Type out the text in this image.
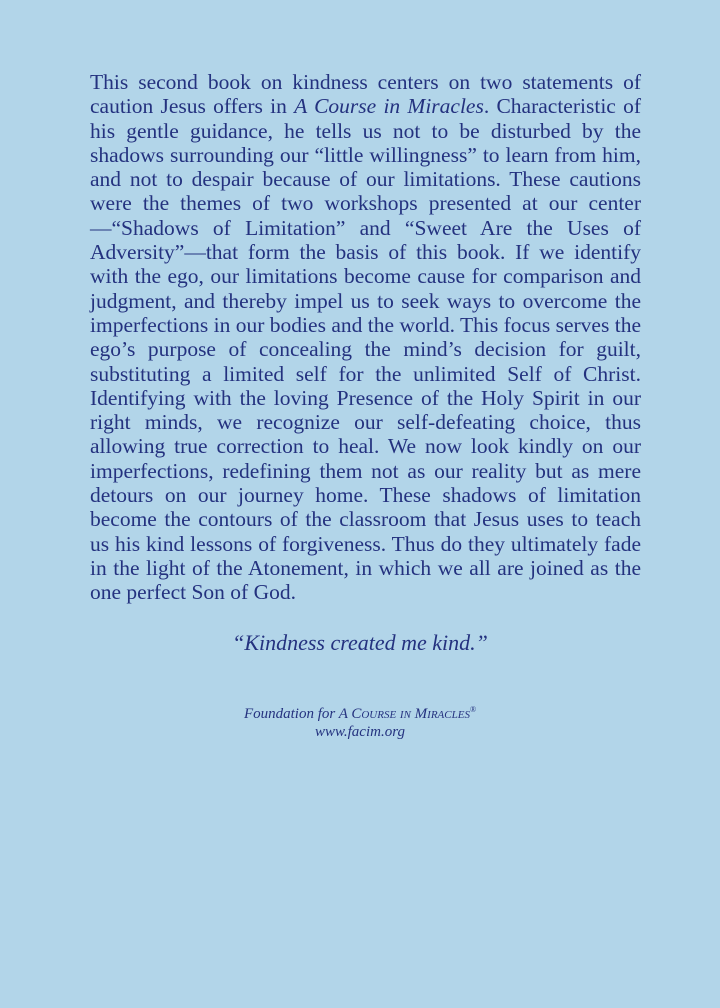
This second book on kindness centers on two statements of caution Jesus offers in A Course in Miracles. Characteristic of his gentle guidance, he tells us not to be disturbed by the shadows surrounding our “little willingness” to learn from him, and not to despair because of our limitations. These cautions were the themes of two workshops presented at our center—“Shadows of Limitation” and “Sweet Are the Uses of Adversity”—that form the basis of this book. If we identify with the ego, our limitations become cause for comparison and judgment, and thereby impel us to seek ways to overcome the imperfections in our bodies and the world. This focus serves the ego’s purpose of concealing the mind’s decision for guilt, substituting a limited self for the unlimited Self of Christ. Identifying with the loving Presence of the Holy Spirit in our right minds, we recognize our self-defeating choice, thus allowing true correction to heal. We now look kindly on our imperfections, redefining them not as our reality but as mere detours on our journey home. These shadows of limitation become the contours of the classroom that Jesus uses to teach us his kind lessons of forgiveness. Thus do they ultimately fade in the light of the Atonement, in which we all are joined as the one perfect Son of God.

“Kindness created me kind.”

Foundation for A Course in Miracles®
www.facim.org
